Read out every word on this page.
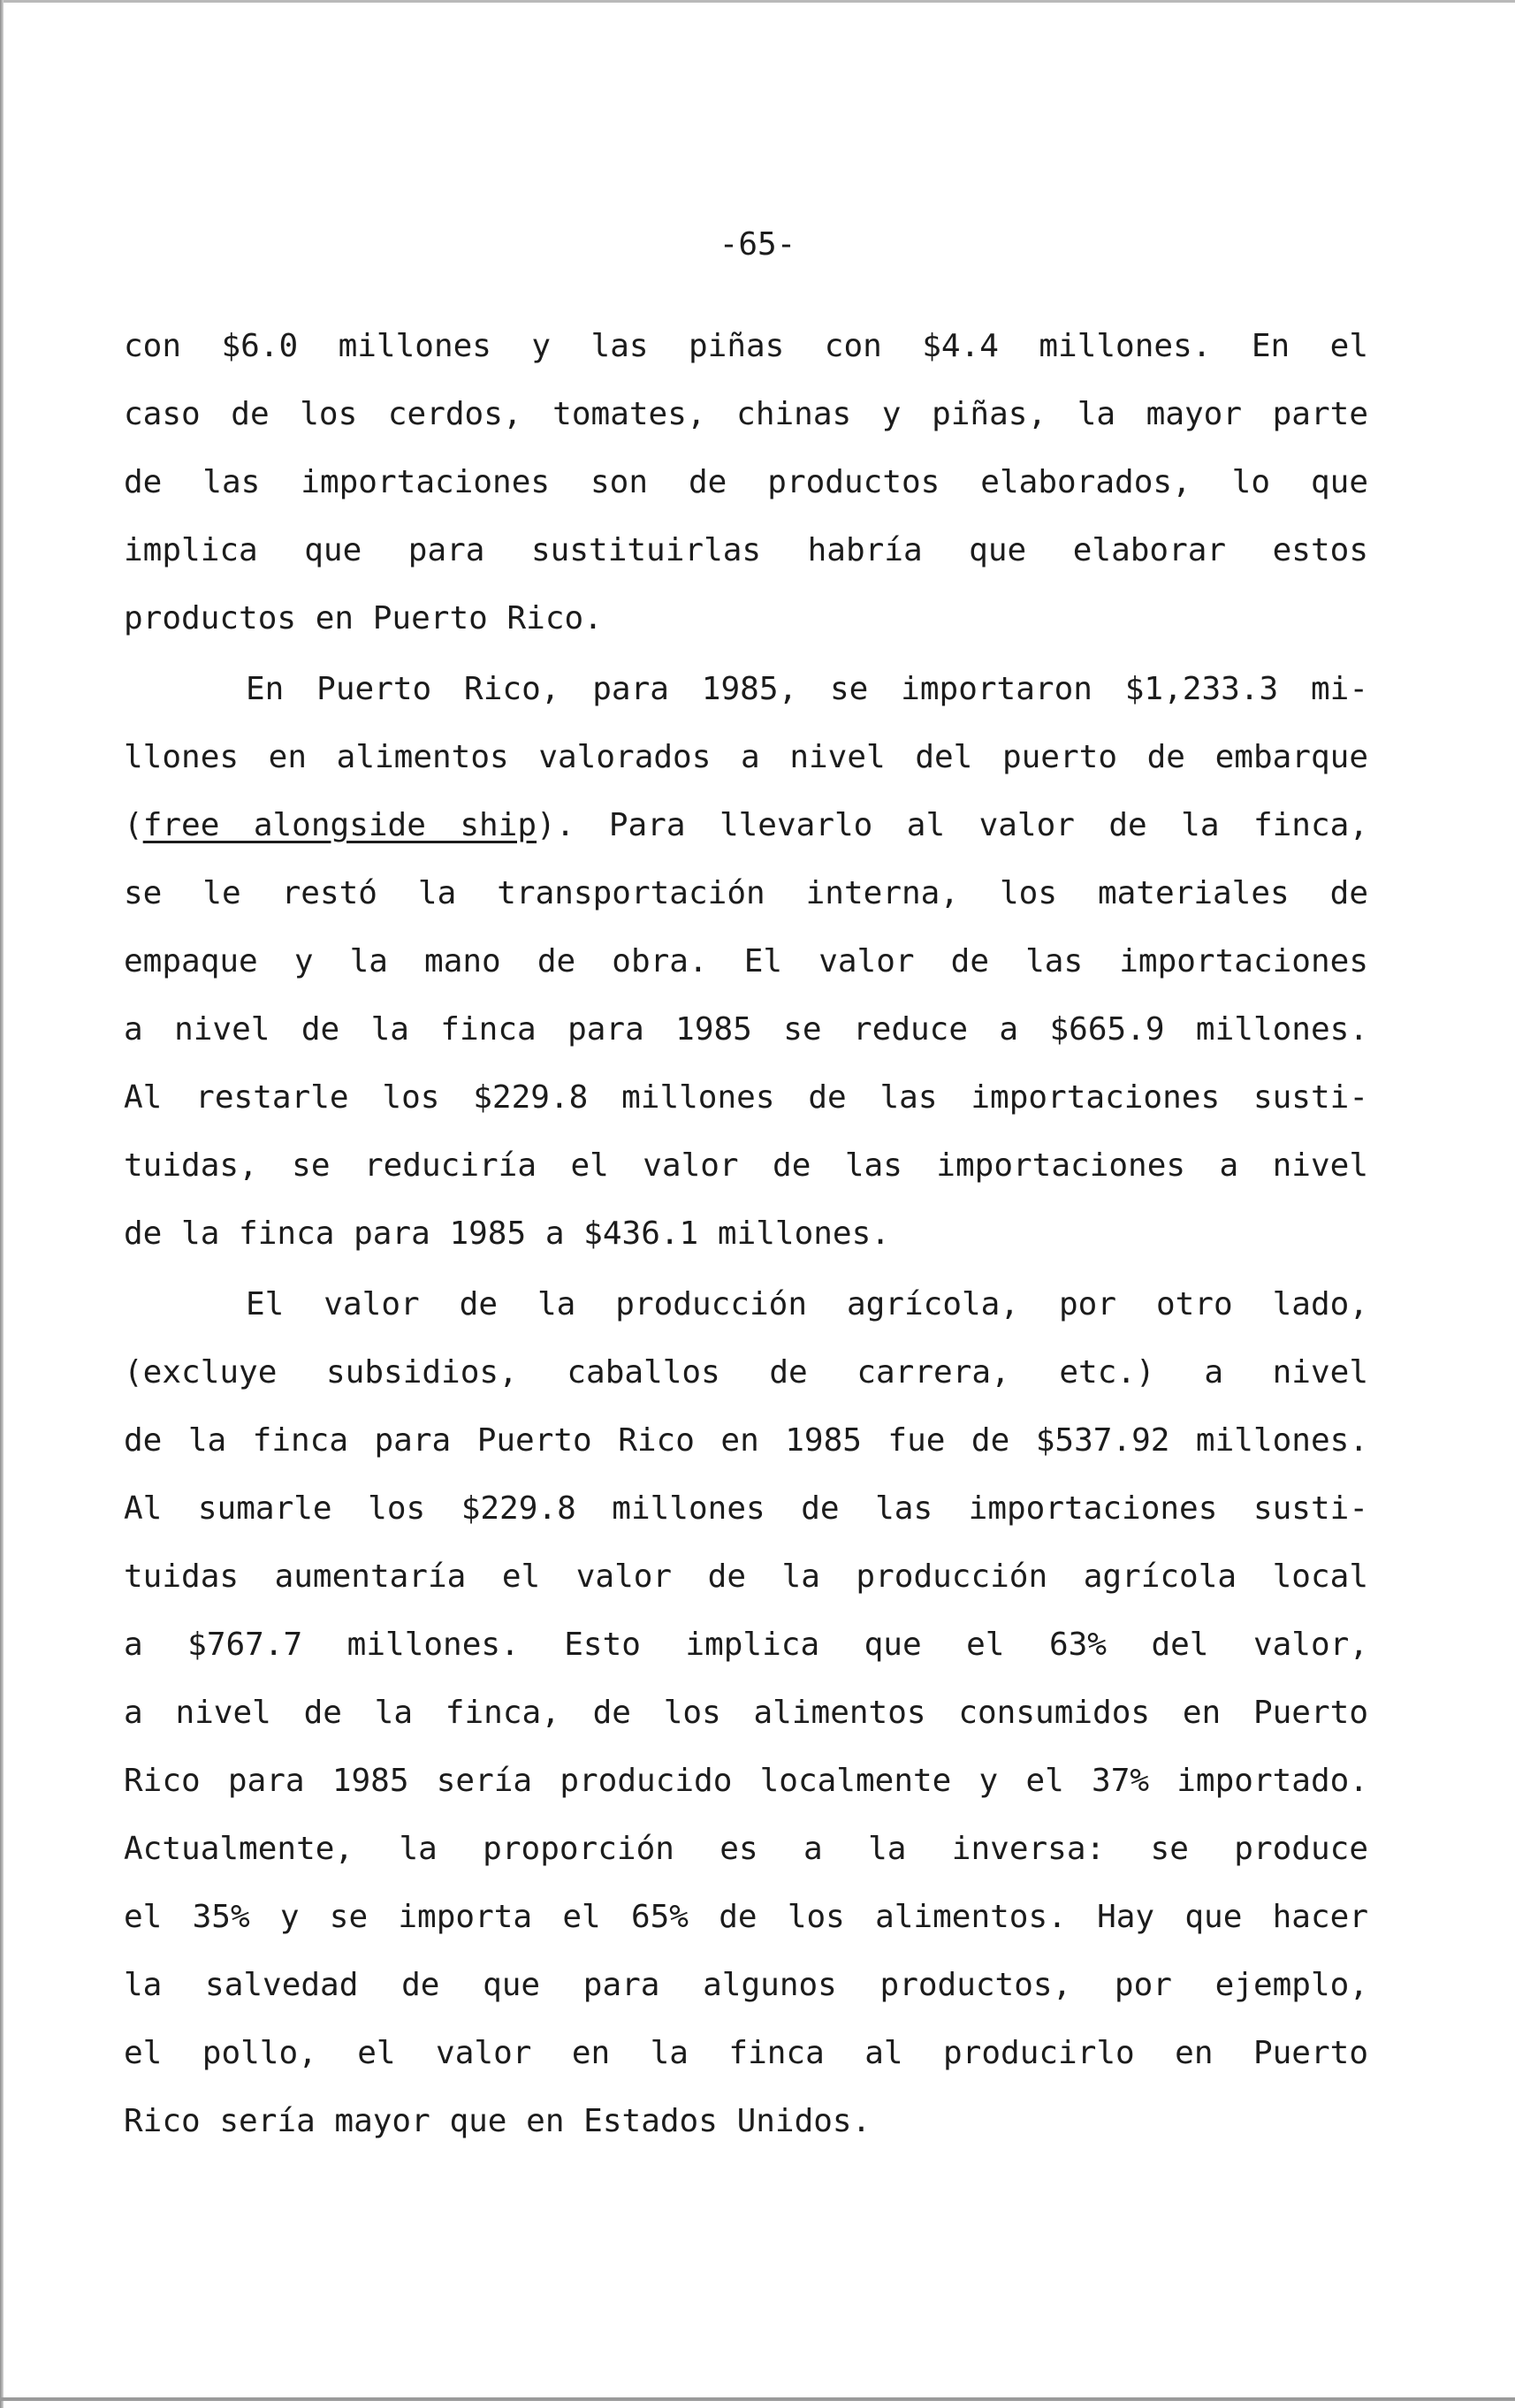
-65-
con $6.0 millones y las piñas con $4.4 millones. En el
caso de los cerdos, tomates, chinas y piñas, la mayor parte
de las importaciones son de productos elaborados, lo que
implica que para sustituirlas habría que elaborar estos
productos en Puerto Rico.
En Puerto Rico, para 1985, se importaron $1,233.3 mi-
llones en alimentos valorados a nivel del puerto de embarque
(free alongside ship). Para llevarlo al valor de la finca,
se le restó la transportación interna, los materiales de
empaque y la mano de obra. El valor de las importaciones
a nivel de la finca para 1985 se reduce a $665.9 millones.
Al restarle los $229.8 millones de las importaciones susti-
tuidas, se reduciría el valor de las importaciones a nivel
de la finca para 1985 a $436.1 millones.
El valor de la producción agrícola, por otro lado,
(excluye subsidios, caballos de carrera, etc.) a nivel
de la finca para Puerto Rico en 1985 fue de $537.92 millones.
Al sumarle los $229.8 millones de las importaciones susti-
tuidas aumentaría el valor de la producción agrícola local
a $767.7 millones. Esto implica que el 63% del valor,
a nivel de la finca, de los alimentos consumidos en Puerto
Rico para 1985 sería producido localmente y el 37% importado.
Actualmente, la proporción es a la inversa: se produce
el 35% y se importa el 65% de los alimentos. Hay que hacer
la salvedad de que para algunos productos, por ejemplo,
el pollo, el valor en la finca al producirlo en Puerto
Rico sería mayor que en Estados Unidos.
